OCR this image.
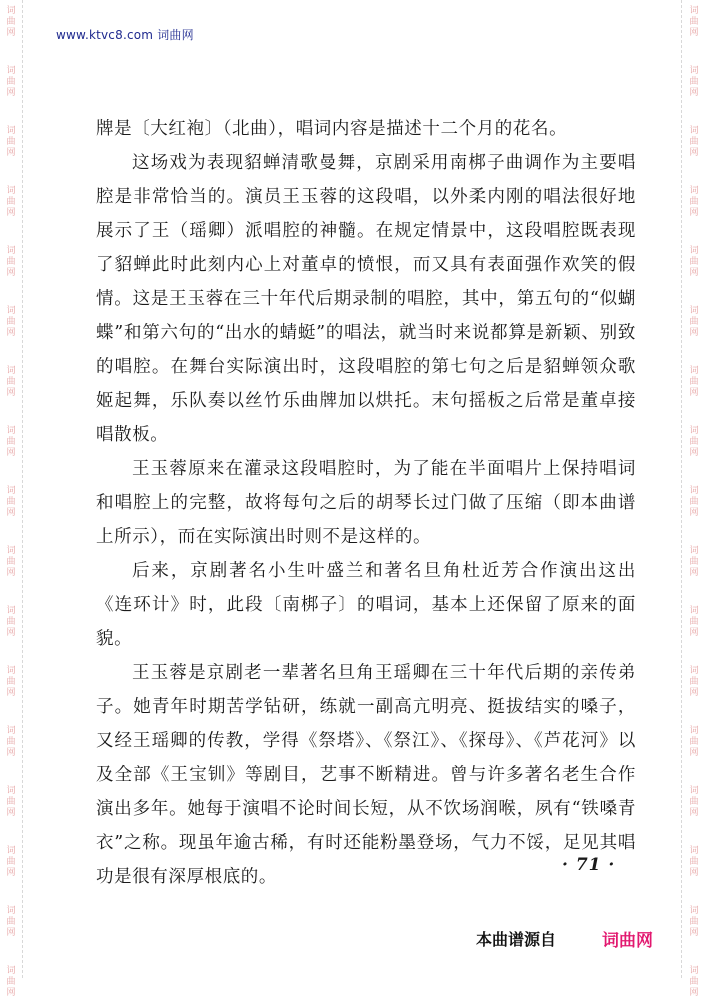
词
曲
网
词
曲
网
词
曲
网
词
曲
网
词
曲
网
词
曲
网
词
曲
网
词
曲
网
词
曲
网
词
曲
网
词
曲
网
词
曲
网
词
曲
网
词
曲
网
词
曲
网
词
曲
网
词
曲
网
词
曲
网
词
曲
网
词
曲
网
词
曲
网
词
曲
网
词
曲
网
词
曲
网
词
曲
网
词
曲
网
词
曲
网
词
曲
网
词
曲
网
词
曲
网
词
曲
网
词
曲
网
词
曲
网
词
曲
网
www.ktvc8.com 词曲网

牌是〔大红袍〕（北曲），唱词内容是描述十二个月的花名。

这场戏为表现貂蝉清歌曼舞，京剧采用南梆子曲调作为主要唱腔是非常恰当的。演员王玉蓉的这段唱，以外柔内刚的唱法很好地展示了王（瑶卿）派唱腔的神髓。在规定情景中，这段唱腔既表现了貂蝉此时此刻内心上对董卓的愤恨，而又具有表面强作欢笑的假情。这是王玉蓉在三十年代后期录制的唱腔，其中，第五句的“似蝴蝶”和第六句的“出水的蜻蜓”的唱法，就当时来说都算是新颖、别致的唱腔。在舞台实际演出时，这段唱腔的第七句之后是貂蝉领众歌姬起舞，乐队奏以丝竹乐曲牌加以烘托。末句摇板之后常是董卓接唱散板。

王玉蓉原来在灌录这段唱腔时，为了能在半面唱片上保持唱词和唱腔上的完整，故将每句之后的胡琴长过门做了压缩（即本曲谱上所示），而在实际演出时则不是这样的。

后来，京剧著名小生叶盛兰和著名旦角杜近芳合作演出这出《连环计》时，此段〔南梆子〕的唱词，基本上还保留了原来的面貌。

王玉蓉是京剧老一辈著名旦角王瑶卿在三十年代后期的亲传弟子。她青年时期苦学钻研，练就一副高亢明亮、挺拔结实的嗓子，又经王瑶卿的传教，学得《祭塔》、《祭江》、《探母》、《芦花河》以及全部《王宝钏》等剧目，艺事不断精进。曾与许多著名老生合作演出多年。她每于演唱不论时间长短，从不饮场润喉，夙有“铁嗓青衣”之称。现虽年逾古稀，有时还能粉墨登场，气力不馁，足见其唱功是很有深厚根底的。

· 71 ·
本曲谱源自	词曲网
